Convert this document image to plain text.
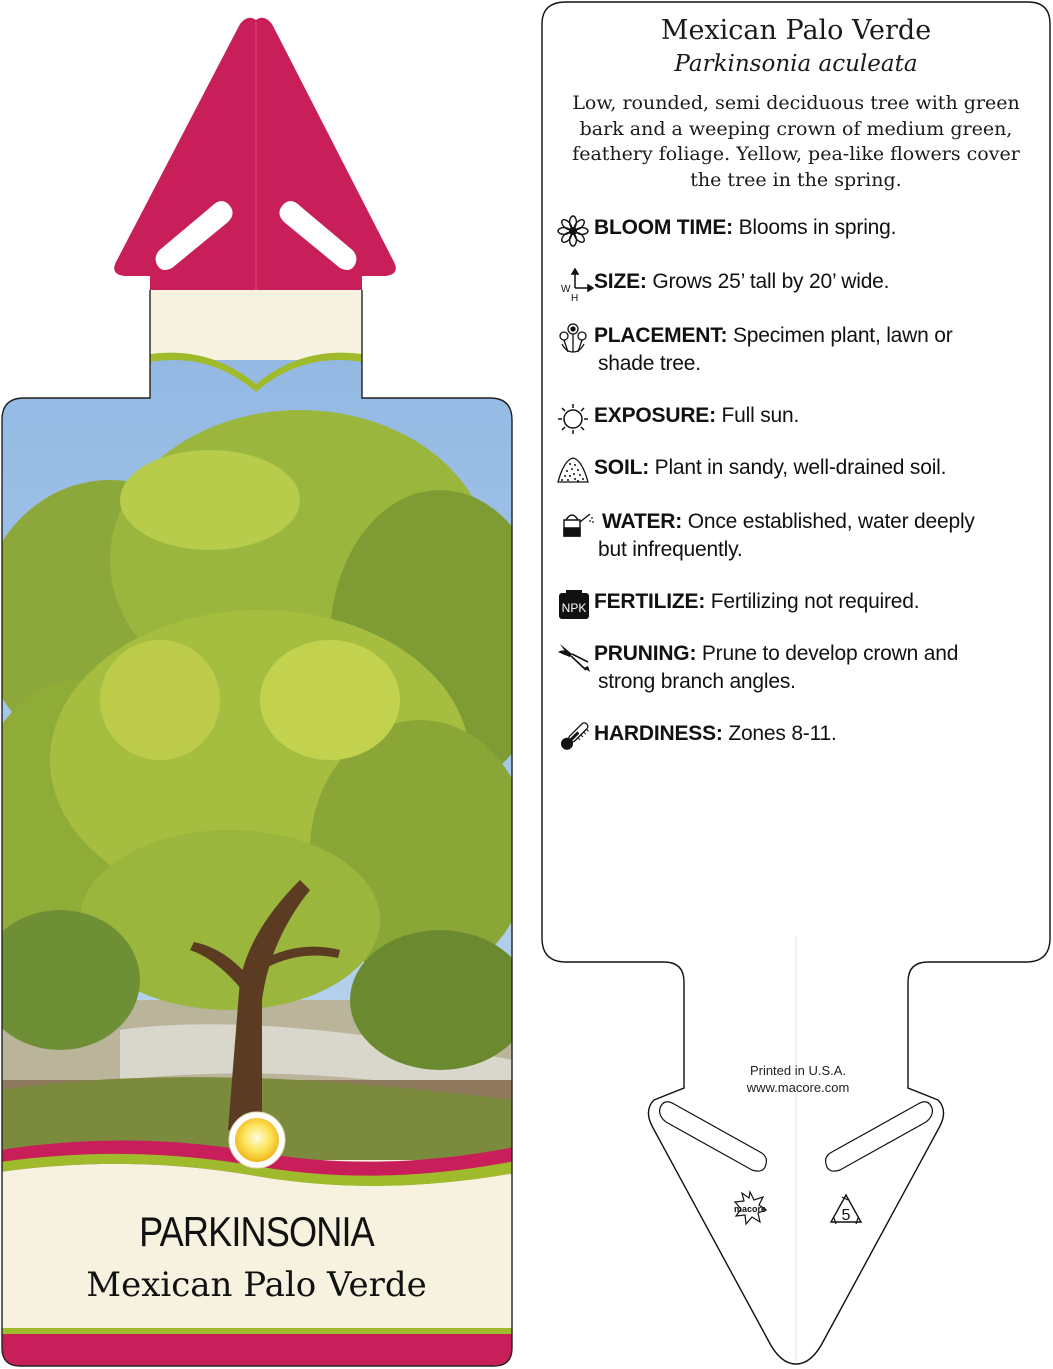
PARKINSONIA
Mexican Palo Verde
macore	5
Mexican Palo Verde
Parkinsonia aculeata
Low, rounded, semi deciduous tree with green bark and a weeping crown of medium green, feathery foliage. Yellow, pea-like flowers cover the tree in the spring.
BLOOM TIME: Blooms in spring.
W
H
SIZE: Grows 25’ tall by 20’ wide.
PLACEMENT: Specimen plant, lawn or
shade tree.
EXPOSURE: Full sun.
SOIL: Plant in sandy, well-drained soil.
WATER: Once established, water deeply
but infrequently.
NPK FERTILIZE: Fertilizing not required.
PRUNING: Prune to develop crown and
strong branch angles.
HARDINESS: Zones 8-11.
Printed in U.S.A.
www.macore.com
